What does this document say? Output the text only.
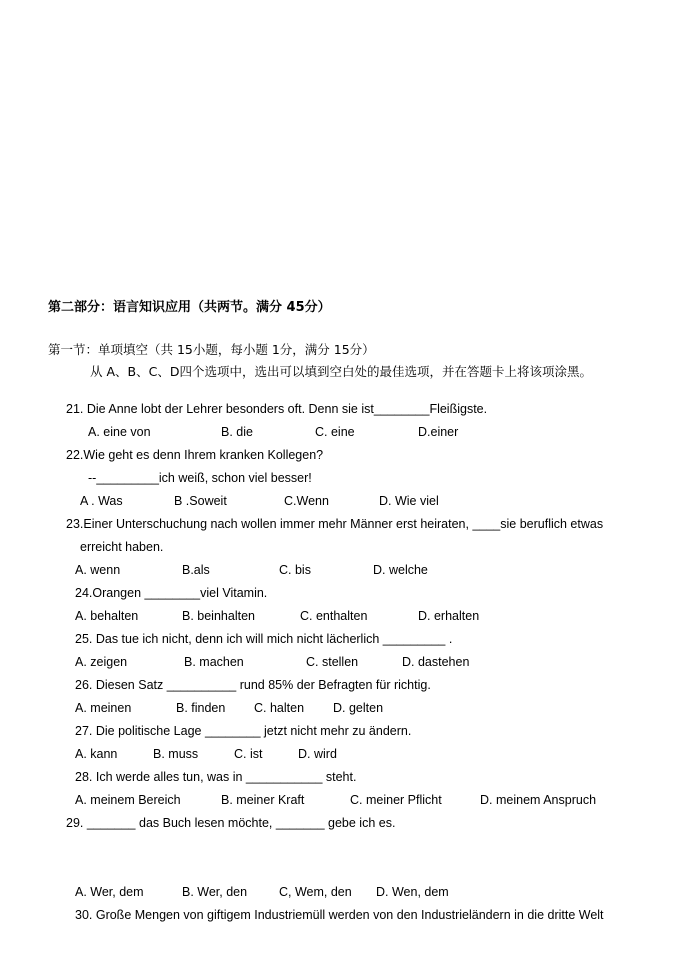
第二部分：语言知识应用（共两节。满分 45分）
第一节：单项填空（共 15小题，每小题 1分，满分 15分）
从 A、B、C、D四个选项中，选出可以填到空白处的最佳选项，并在答题卡上将该项涂黑。
21. Die Anne lobt der Lehrer besonders oft. Denn sie ist________Fleißigste.
A. eine von	B. die	C. eine	D.einer
22.Wie geht es denn Ihrem kranken Kollegen?
--_________ich weiß, schon viel besser!
A . Was	B .Soweit	C.Wenn	D. Wie viel
23.Einer Unterschuchung nach wollen immer mehr Männer erst heiraten, ____sie beruflich etwas
erreicht haben.
A. wenn	B.als	C. bis	D. welche
24.Orangen ________viel Vitamin.
A. behalten	B. beinhalten	C. enthalten	D. erhalten
25. Das tue ich nicht, denn ich will mich nicht lächerlich _________ .
A. zeigen	B. machen	C. stellen	D. dastehen
26. Diesen Satz __________ rund 85% der Befragten für richtig.
A. meinen	B. finden C. halten D. gelten
27. Die politische Lage ________ jetzt nicht mehr zu ändern.
A. kann	B. muss	C. ist	D. wird
28. Ich werde alles tun, was in ___________ steht.
A. meinem Bereich	B. meiner Kraft	C. meiner Pflicht	D. meinem Anspruch
29. _______ das Buch lesen möchte, _______ gebe ich es.
A. Wer, dem	B. Wer, den	C, Wem, den D. Wen, dem
30. Große Mengen von giftigem Industriemüll werden von den Industrieländern in die dritte Welt
